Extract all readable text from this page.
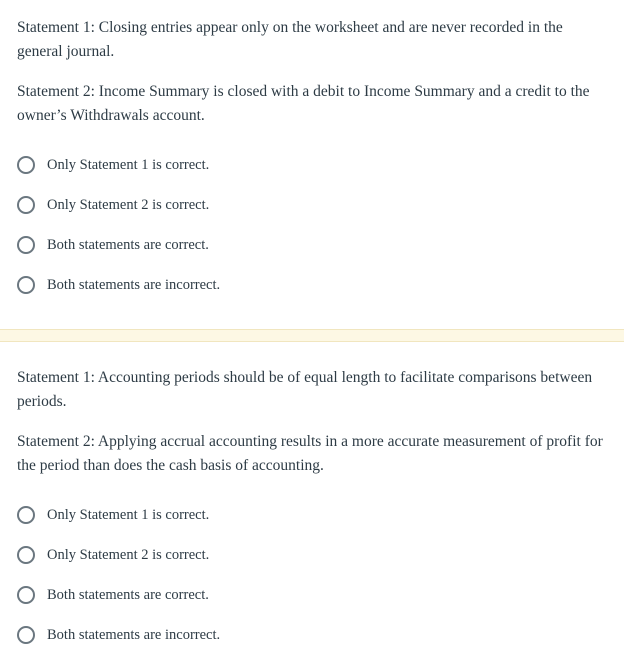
Statement 1: Closing entries appear only on the worksheet and are never recorded in the general journal.
Statement 2: Income Summary is closed with a debit to Income Summary and a credit to the owner’s Withdrawals account.
Only Statement 1 is correct.
Only Statement 2 is correct.
Both statements are correct.
Both statements are incorrect.
Statement 1: Accounting periods should be of equal length to facilitate comparisons between periods.
Statement 2: Applying accrual accounting results in a more accurate measurement of profit for the period than does the cash basis of accounting.
Only Statement 1 is correct.
Only Statement 2 is correct.
Both statements are correct.
Both statements are incorrect.
